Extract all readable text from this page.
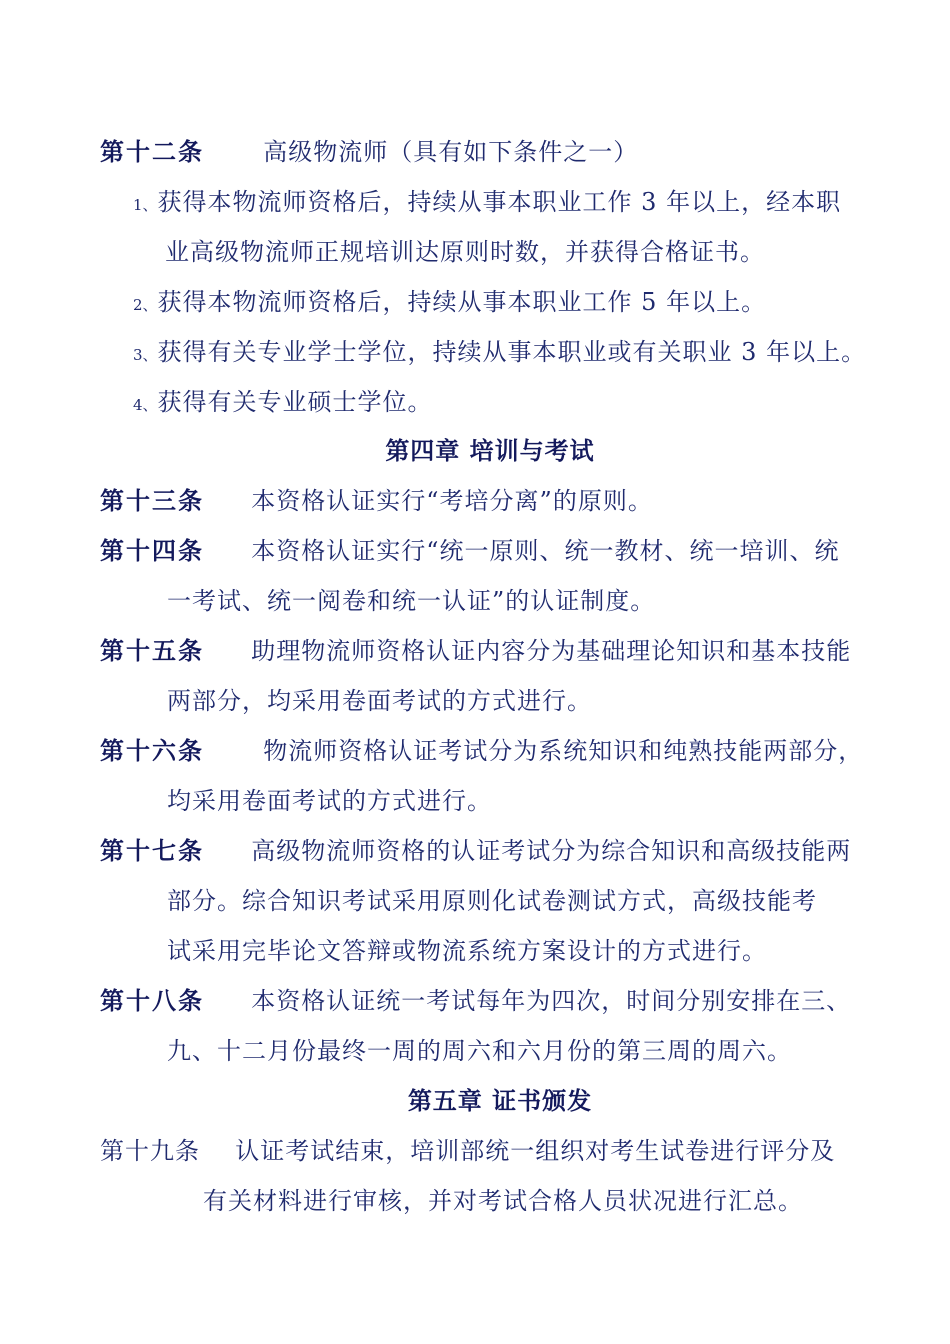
第十二条 高级物流师（具有如下条件之一）
1、获得本物流师资格后，持续从事本职业工作 3 年以上，经本职
业高级物流师正规培训达原则时数，并获得合格证书。
2、获得本物流师资格后，持续从事本职业工作 5 年以上。
3、获得有关专业学士学位，持续从事本职业或有关职业 3 年以上。
4、获得有关专业硕士学位。
第四章 培训与考试
第十三条 本资格认证实行“考培分离”的原则。
第十四条 本资格认证实行“统一原则、统一教材、统一培训、统
一考试、统一阅卷和统一认证”的认证制度。
第十五条 助理物流师资格认证内容分为基础理论知识和基本技能
两部分，均采用卷面考试的方式进行。
第十六条 物流师资格认证考试分为系统知识和纯熟技能两部分，
均采用卷面考试的方式进行。
第十七条 高级物流师资格的认证考试分为综合知识和高级技能两
部分。综合知识考试采用原则化试卷测试方式，高级技能考
试采用完毕论文答辩或物流系统方案设计的方式进行。
第十八条 本资格认证统一考试每年为四次，时间分别安排在三、
九、十二月份最终一周的周六和六月份的第三周的周六。
第五章 证书颁发
第十九条 认证考试结束，培训部统一组织对考生试卷进行评分及
有关材料进行审核，并对考试合格人员状况进行汇总。
